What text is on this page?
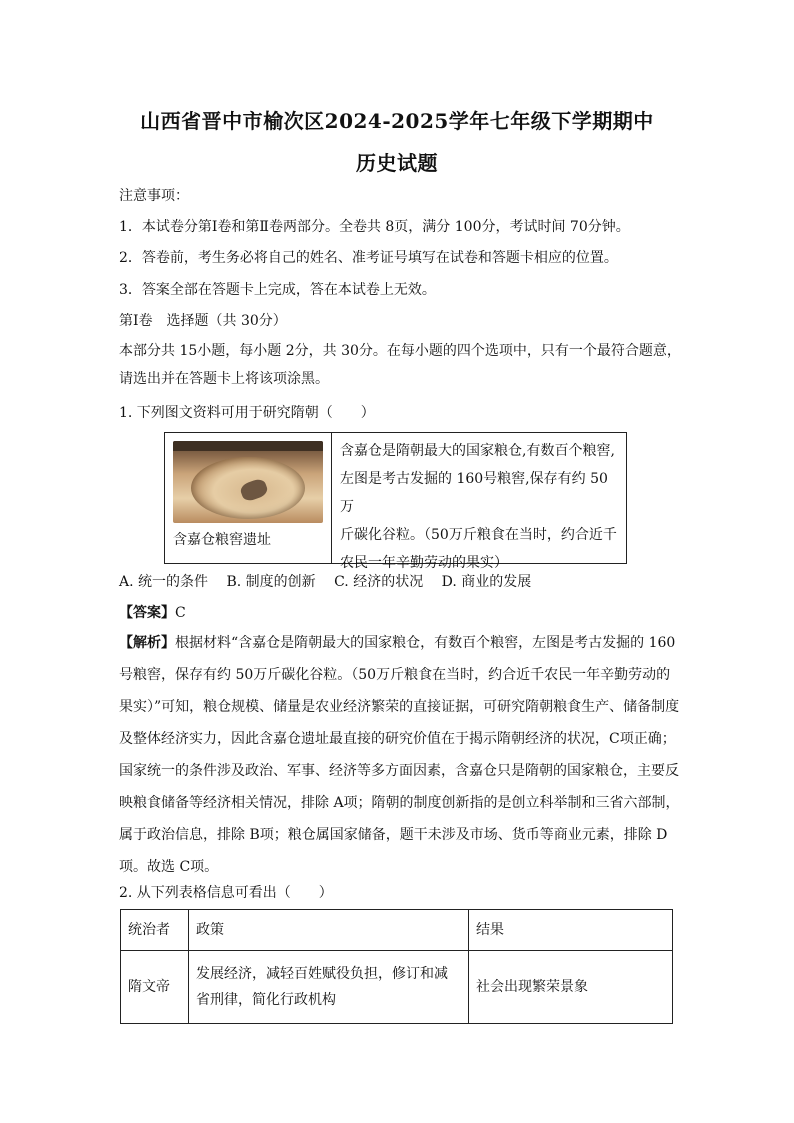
山西省晋中市榆次区2024-2025学年七年级下学期期中
历史试题
注意事项：
1．本试卷分第Ⅰ卷和第Ⅱ卷两部分。全卷共 8页，满分 100分，考试时间 70分钟。
2．答卷前，考生务必将自己的姓名、准考证号填写在试卷和答题卡相应的位置。
3．答案全部在答题卡上完成，答在本试卷上无效。
第Ⅰ卷　选择题（共 30分）
本部分共 15小题，每小题 2分，共 30分。在每小题的四个选项中，只有一个最符合题意，请选出并在答题卡上将该项涂黑。
1. 下列图文资料可用于研究隋朝（　　）
含嘉仓粮窖遗址
含嘉仓是隋朝最大的国家粮仓,有数百个粮窖,
左图是考古发掘的 160号粮窖,保存有约 50万
斤碳化谷粒。（50万斤粮食在当时，约合近千
农民一年辛勤劳动的果实）
A. 统一的条件　 B. 制度的创新　 C. 经济的状况　 D. 商业的发展
【答案】C
【解析】根据材料“含嘉仓是隋朝最大的国家粮仓，有数百个粮窖，左图是考古发掘的 160号粮窖，保存有约 50万斤碳化谷粒。（50万斤粮食在当时，约合近千农民一年辛勤劳动的果实）”可知，粮仓规模、储量是农业经济繁荣的直接证据，可研究隋朝粮食生产、储备制度及整体经济实力，因此含嘉仓遗址最直接的研究价值在于揭示隋朝经济的状况，C项正确；国家统一的条件涉及政治、军事、经济等多方面因素，含嘉仓只是隋朝的国家粮仓，主要反映粮食储备等经济相关情况，排除 A项；隋朝的制度创新指的是创立科举制和三省六部制，属于政治信息，排除 B项；粮仓属国家储备，题干未涉及市场、货币等商业元素，排除 D项。故选 C项。
2. 从下列表格信息可看出（　　）
统治者	政策	结果
隋文帝	发展经济，减轻百姓赋役负担，修订和减省刑律，简化行政机构	社会出现繁荣景象
